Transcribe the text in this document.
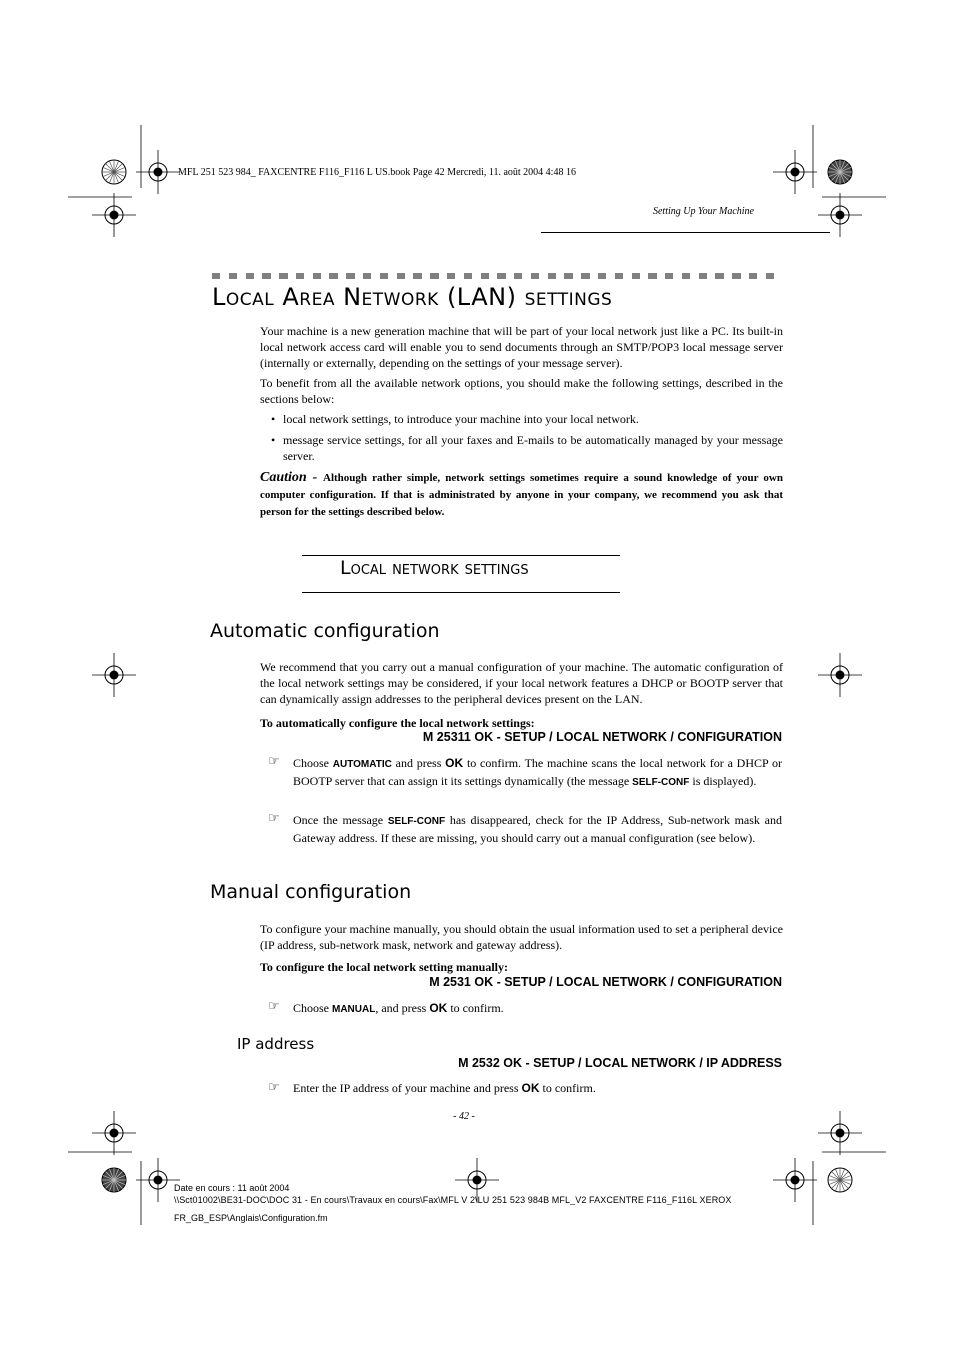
MFL 251 523 984_ FAXCENTRE F116_F116 L US.book Page 42 Mercredi, 11. août 2004 4:48 16
Setting Up Your Machine
Local Area Network (LAN) settings
Your machine is a new generation machine that will be part of your local network just like a PC. Its built-in local network access card will enable you to send documents through an SMTP/POP3 local message server (internally or externally, depending on the settings of your message server).
To benefit from all the available network options, you should make the following settings, described in the sections below:
• local network settings, to introduce your machine into your local network.
• message service settings, for all your faxes and E-mails to be automatically managed by your message server.
Caution - Although rather simple, network settings sometimes require a sound knowledge of your own computer configuration. If that is administrated by anyone in your company, we recommend you ask that person for the settings described below.
Local network settings
Automatic configuration
We recommend that you carry out a manual configuration of your machine. The automatic configuration of the local network settings may be considered, if your local network features a DHCP or BOOTP server that can dynamically assign addresses to the peripheral devices present on the LAN.
To automatically configure the local network settings:
M 25311 OK - SETUP / LOCAL NETWORK / CONFIGURATION
☞ Choose AUTOMATIC and press OK to confirm. The machine scans the local network for a DHCP or BOOTP server that can assign it its settings dynamically (the message SELF-CONF is displayed).
☞ Once the message SELF-CONF has disappeared, check for the IP Address, Sub-network mask and Gateway address. If these are missing, you should carry out a manual configuration (see below).
Manual configuration
To configure your machine manually, you should obtain the usual information used to set a peripheral device (IP address, sub-network mask, network and gateway address).
To configure the local network setting manually:
M 2531 OK - SETUP / LOCAL NETWORK / CONFIGURATION
☞ Choose MANUAL, and press OK to confirm.
IP address
M 2532 OK - SETUP / LOCAL NETWORK / IP ADDRESS
☞ Enter the IP address of your machine and press OK to confirm.
- 42 -
Date en cours : 11 août 2004
\\Sct01002\BE31-DOC\DOC 31 - En cours\Travaux en cours\Fax\MFL V 2\LU 251 523 984B MFL_V2 FAXCENTRE F116_F116L XEROX
FR_GB_ESP\Anglais\Configuration.fm
